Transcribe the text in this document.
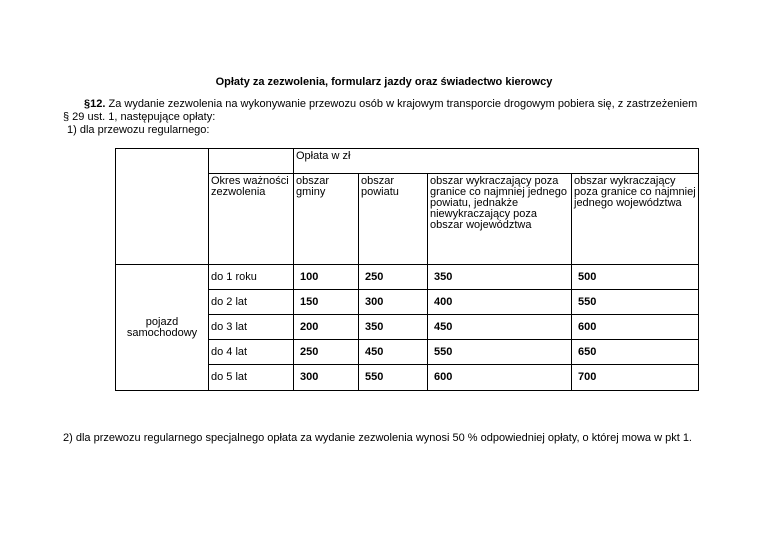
Opłaty za zezwolenia, formularz jazdy oraz świadectwo kierowcy
§12. Za wydanie zezwolenia na wykonywanie przewozu osób w krajowym transporcie drogowym pobiera się, z zastrzeżeniem
§ 29 ust. 1, następujące opłaty:
1) dla przewozu regularnego:
		Opłata w zł			
	Okres ważności zezwolenia	obszar gminy	obszar powiatu	obszar wykraczający poza granice co najmniej jednego powiatu, jednakże niewykraczający poza obszar województwa	obszar wykraczający poza granice co najmniej jednego województwa
pojazd samochodowy	do 1 roku	100	250	350	500
	do 2 lat	150	300	400	550
	do 3 lat	200	350	450	600
	do 4 lat	250	450	550	650
	do 5 lat	300	550	600	700
2) dla przewozu regularnego specjalnego opłata za wydanie zezwolenia wynosi 50 % odpowiedniej opłaty, o której mowa w pkt 1.
